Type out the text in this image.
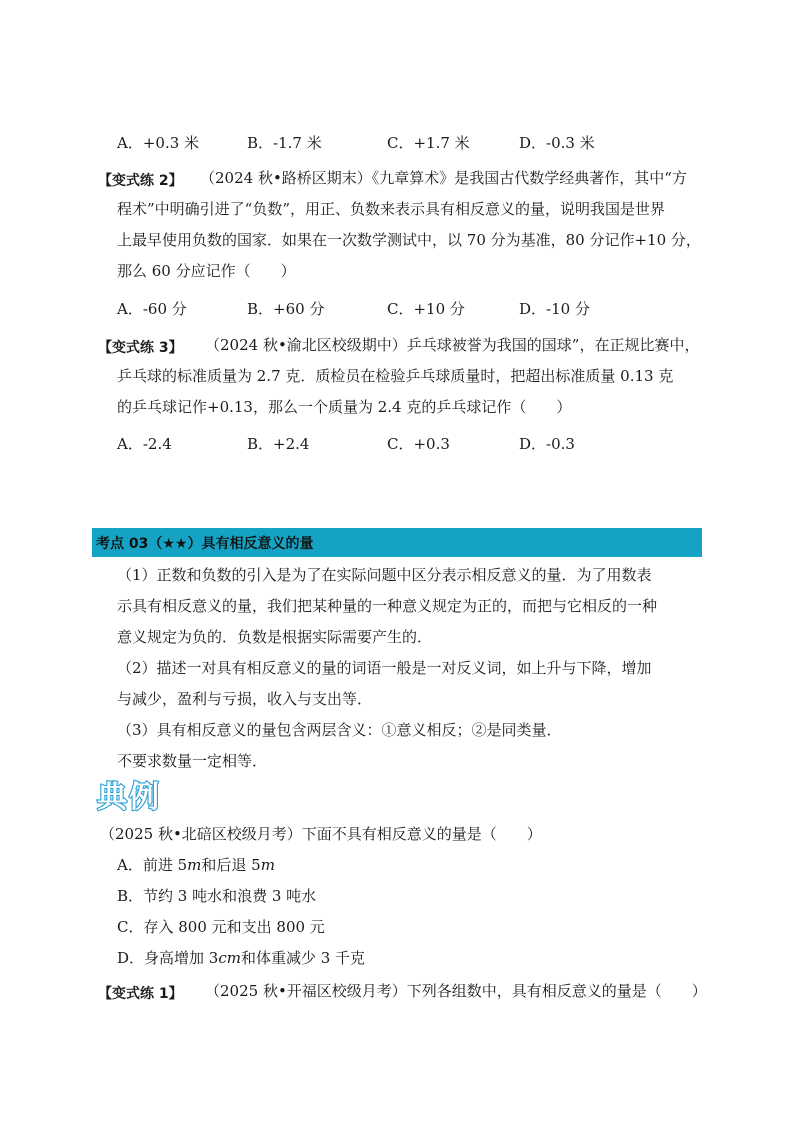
A．+0.3 米	B．-1.7 米	C．+1.7 米	D．-0.3 米
【变式练 2】 （2024 秋•路桥区期末）《九章算术》是我国古代数学经典著作，其中“方
程术”中明确引进了“负数”，用正、负数来表示具有相反意义的量，说明我国是世界
上最早使用负数的国家．如果在一次数学测试中，以 70 分为基准，80 分记作+10 分，
那么 60 分应记作（　　）
A．-60 分	B．+60 分	C．+10 分	D．-10 分
【变式练 3】 （2024 秋•渝北区校级期中）乒乓球被誉为我国的国球”，在正规比赛中，
乒乓球的标准质量为 2.7 克．质检员在检验乒乓球质量时，把超出标准质量 0.13 克
的乒乓球记作+0.13，那么一个质量为 2.4 克的乒乓球记作（　　）
A．-2.4	B．+2.4	C．+0.3	D．-0.3
考点 03（★★）具有相反意义的量
（1）正数和负数的引入是为了在实际问题中区分表示相反意义的量．为了用数表
示具有相反意义的量，我们把某种量的一种意义规定为正的，而把与它相反的一种
意义规定为负的．负数是根据实际需要产生的．
（2）描述一对具有相反意义的量的词语一般是一对反义词，如上升与下降，增加
与减少，盈利与亏损，收入与支出等．
（3）具有相反意义的量包含两层含义：①意义相反；②是同类量．
不要求数量一定相等．
典例
（2025 秋•北碚区校级月考）下面不具有相反意义的量是（　　）
A．前进 5m和后退 5m
B．节约 3 吨水和浪费 3 吨水
C．存入 800 元和支出 800 元
D．身高增加 3cm和体重减少 3 千克
【变式练 1】 （2025 秋•开福区校级月考）下列各组数中，具有相反意义的量是（　　）
